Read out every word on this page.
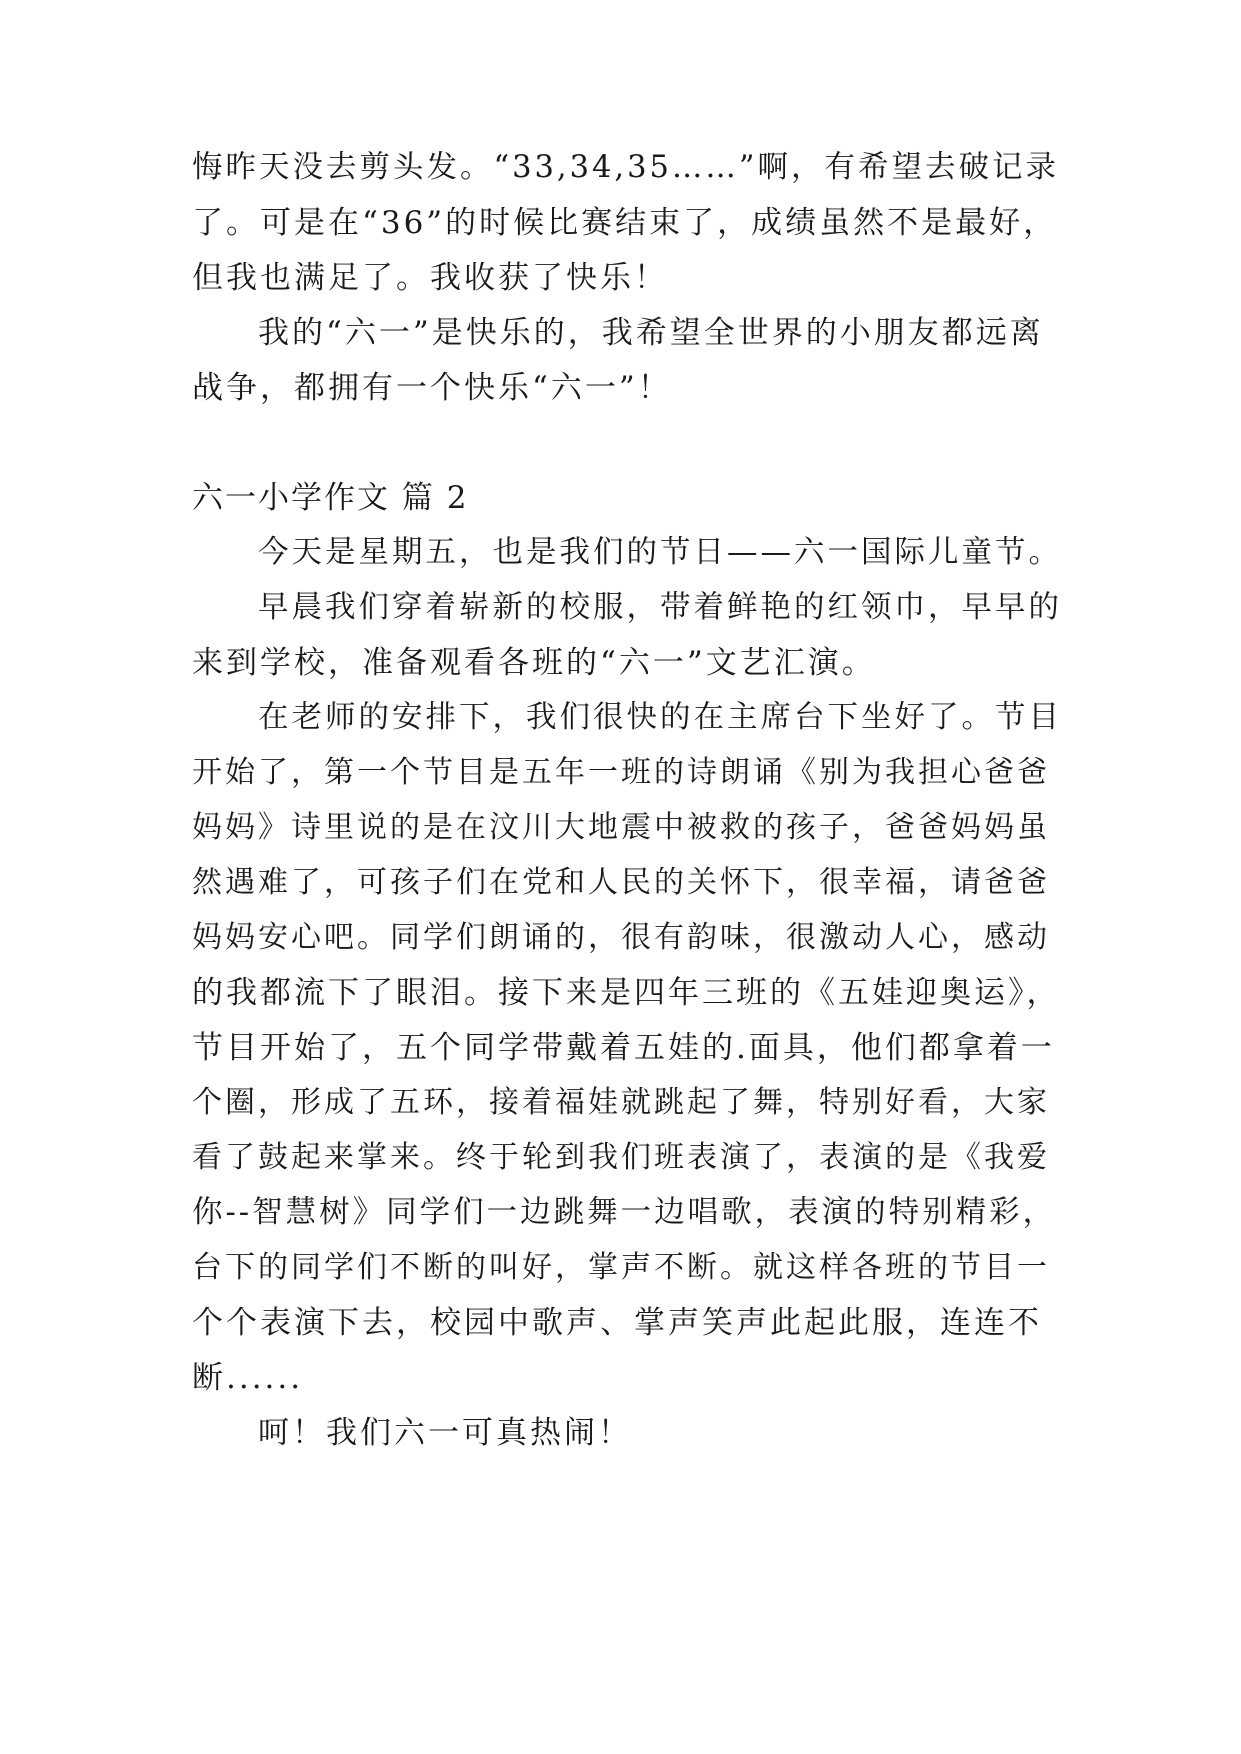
悔昨天没去剪头发。“33,34,35……”啊，有希望去破记录
了。可是在“36”的时候比赛结束了，成绩虽然不是最好，
但我也满足了。我收获了快乐！
我的“六一”是快乐的，我希望全世界的小朋友都远离
战争，都拥有一个快乐“六一”！
六一小学作文 篇 2
今天是星期五，也是我们的节日——六一国际儿童节。
早晨我们穿着崭新的校服，带着鲜艳的红领巾，早早的
来到学校，准备观看各班的“六一”文艺汇演。
在老师的安排下，我们很快的在主席台下坐好了。节目
开始了，第一个节目是五年一班的诗朗诵《别为我担心爸爸
妈妈》诗里说的是在汶川大地震中被救的孩子，爸爸妈妈虽
然遇难了，可孩子们在党和人民的关怀下，很幸福，请爸爸
妈妈安心吧。同学们朗诵的，很有韵味，很激动人心，感动
的我都流下了眼泪。接下来是四年三班的《五娃迎奥运》，
节目开始了，五个同学带戴着五娃的.面具，他们都拿着一
个圈，形成了五环，接着福娃就跳起了舞，特别好看，大家
看了鼓起来掌来。终于轮到我们班表演了，表演的是《我爱
你--智慧树》同学们一边跳舞一边唱歌，表演的特别精彩，
台下的同学们不断的叫好，掌声不断。就这样各班的节目一
个个表演下去，校园中歌声、掌声笑声此起此服，连连不
断......
呵！我们六一可真热闹！
